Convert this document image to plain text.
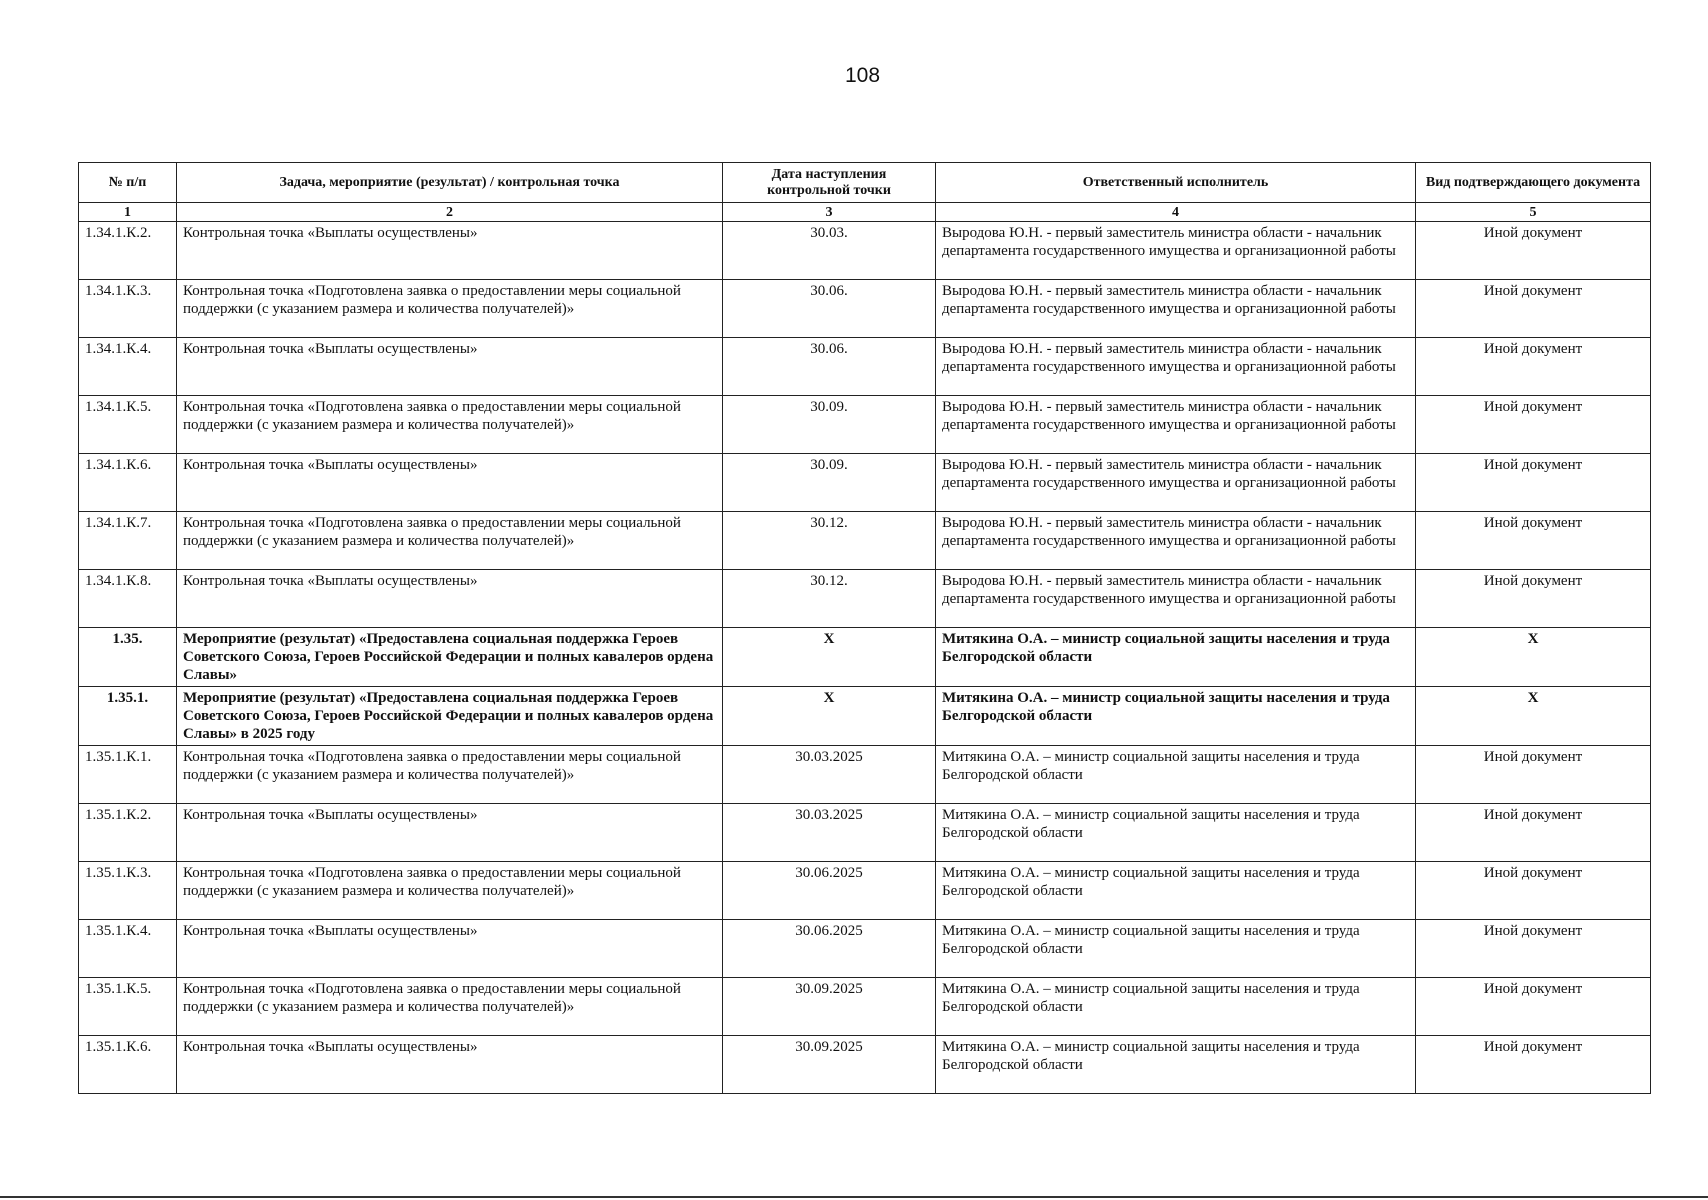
108
№ п/п	Задача, мероприятие (результат) / контрольная точка	Дата наступления контрольной точки	Ответственный исполнитель	Вид подтверждающего документа
1	2	3	4	5
1.34.1.К.2.	Контрольная точка «Выплаты осуществлены»	30.03.	Выродова Ю.Н. - первый заместитель министра области - начальник департамента государственного имущества и организационной работы	Иной документ
1.34.1.К.3.	Контрольная точка «Подготовлена заявка о предоставлении меры социальной поддержки (с указанием размера и количества получателей)»	30.06.	Выродова Ю.Н. - первый заместитель министра области - начальник департамента государственного имущества и организационной работы	Иной документ
1.34.1.К.4.	Контрольная точка «Выплаты осуществлены»	30.06.	Выродова Ю.Н. - первый заместитель министра области - начальник департамента государственного имущества и организационной работы	Иной документ
1.34.1.К.5.	Контрольная точка «Подготовлена заявка о предоставлении меры социальной поддержки (с указанием размера и количества получателей)»	30.09.	Выродова Ю.Н. - первый заместитель министра области - начальник департамента государственного имущества и организационной работы	Иной документ
1.34.1.К.6.	Контрольная точка «Выплаты осуществлены»	30.09.	Выродова Ю.Н. - первый заместитель министра области - начальник департамента государственного имущества и организационной работы	Иной документ
1.34.1.К.7.	Контрольная точка «Подготовлена заявка о предоставлении меры социальной поддержки (с указанием размера и количества получателей)»	30.12.	Выродова Ю.Н. - первый заместитель министра области - начальник департамента государственного имущества и организационной работы	Иной документ
1.34.1.К.8.	Контрольная точка «Выплаты осуществлены»	30.12.	Выродова Ю.Н. - первый заместитель министра области - начальник департамента государственного имущества и организационной работы	Иной документ
1.35.	Мероприятие (результат) «Предоставлена социальная поддержка Героев Советского Союза, Героев Российской Федерации и полных кавалеров ордена Славы»	X	Митякина О.А. – министр социальной защиты населения и труда Белгородской области	X
1.35.1.	Мероприятие (результат) «Предоставлена социальная поддержка Героев Советского Союза, Героев Российской Федерации и полных кавалеров ордена Славы» в 2025 году	X	Митякина О.А. – министр социальной защиты населения и труда Белгородской области	X
1.35.1.К.1.	Контрольная точка «Подготовлена заявка о предоставлении меры социальной поддержки (с указанием размера и количества получателей)»	30.03.2025	Митякина О.А. – министр социальной защиты населения и труда Белгородской области	Иной документ
1.35.1.К.2.	Контрольная точка «Выплаты осуществлены»	30.03.2025	Митякина О.А. – министр социальной защиты населения и труда Белгородской области	Иной документ
1.35.1.К.3.	Контрольная точка «Подготовлена заявка о предоставлении меры социальной поддержки (с указанием размера и количества получателей)»	30.06.2025	Митякина О.А. – министр социальной защиты населения и труда Белгородской области	Иной документ
1.35.1.К.4.	Контрольная точка «Выплаты осуществлены»	30.06.2025	Митякина О.А. – министр социальной защиты населения и труда Белгородской области	Иной документ
1.35.1.К.5.	Контрольная точка «Подготовлена заявка о предоставлении меры социальной поддержки (с указанием размера и количества получателей)»	30.09.2025	Митякина О.А. – министр социальной защиты населения и труда Белгородской области	Иной документ
1.35.1.К.6.	Контрольная точка «Выплаты осуществлены»	30.09.2025	Митякина О.А. – министр социальной защиты населения и труда Белгородской области	Иной документ
